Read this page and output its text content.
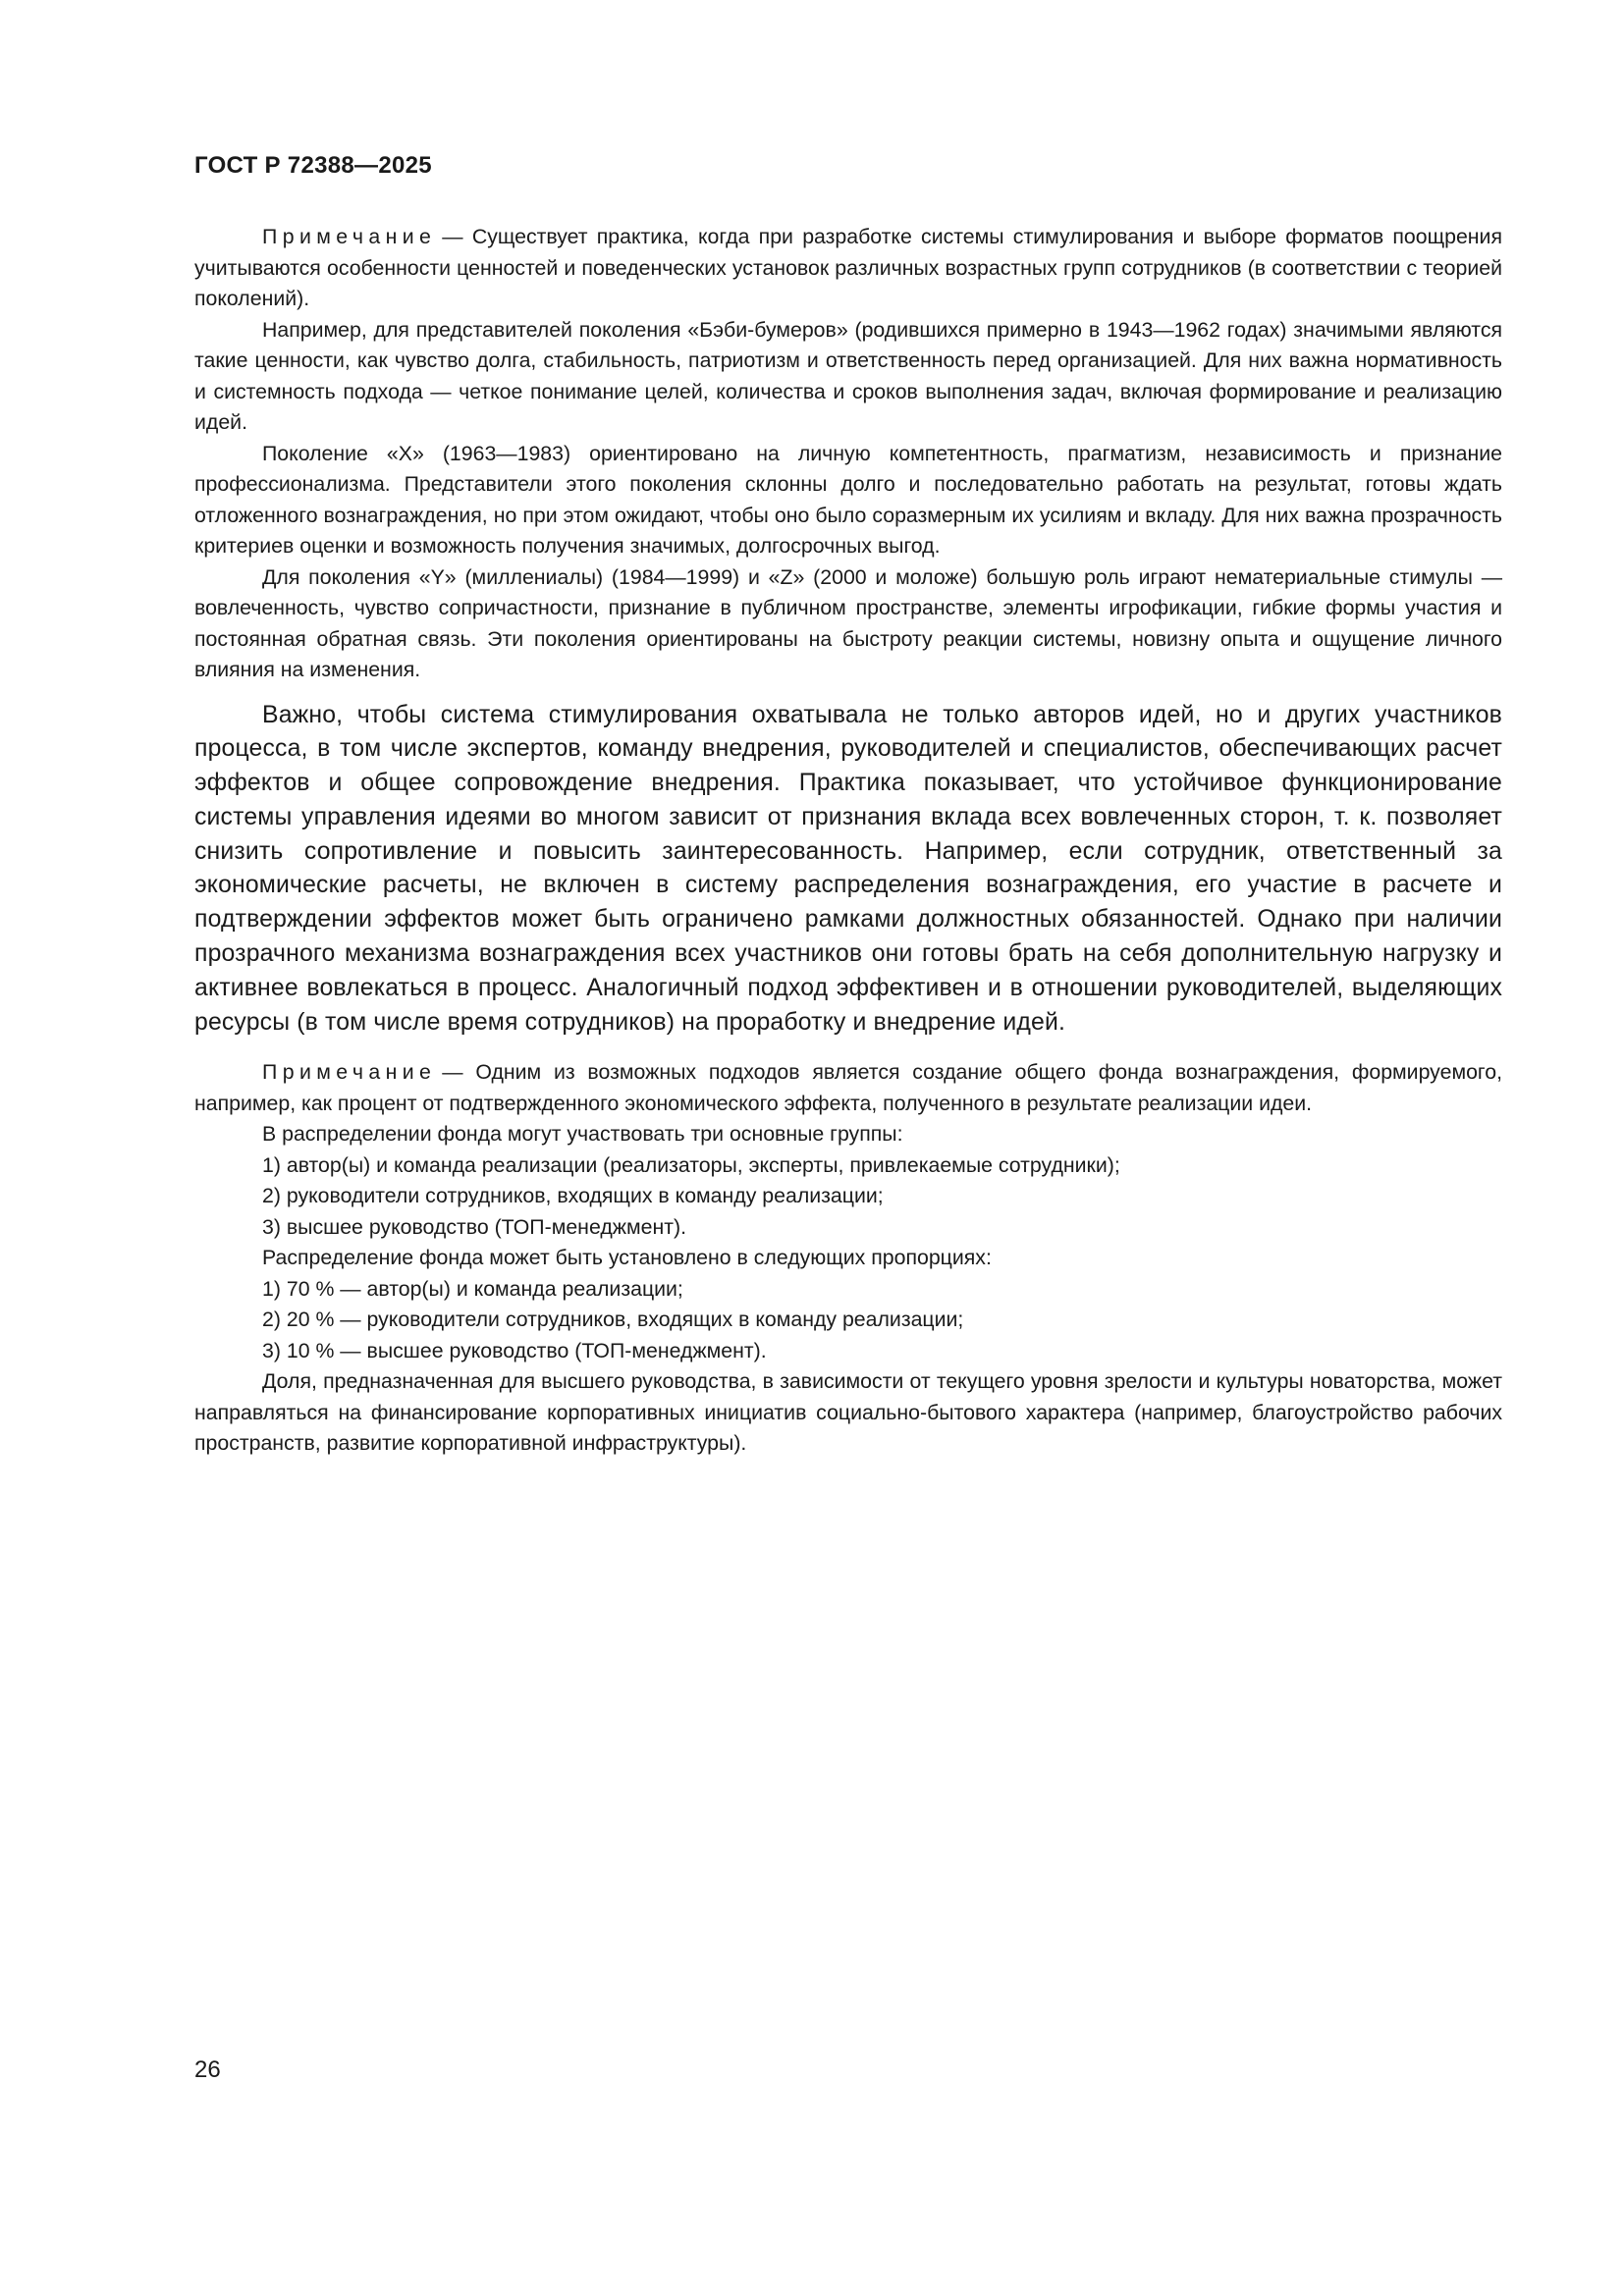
ГОСТ Р 72388—2025

Примечание — Существует практика, когда при разработке системы стимулирования и выборе форматов поощрения учитываются особенности ценностей и поведенческих установок различных возрастных групп сотрудников (в соответствии с теорией поколений).

Например, для представителей поколения «Бэби-бумеров» (родившихся примерно в 1943—1962 годах) значимыми являются такие ценности, как чувство долга, стабильность, патриотизм и ответственность перед организацией. Для них важна нормативность и системность подхода — четкое понимание целей, количества и сроков выполнения задач, включая формирование и реализацию идей.

Поколение «X» (1963—1983) ориентировано на личную компетентность, прагматизм, независимость и признание профессионализма. Представители этого поколения склонны долго и последовательно работать на результат, готовы ждать отложенного вознаграждения, но при этом ожидают, чтобы оно было соразмерным их усилиям и вкладу. Для них важна прозрачность критериев оценки и возможность получения значимых, долгосрочных выгод.

Для поколения «Y» (миллениалы) (1984—1999) и «Z» (2000 и моложе) большую роль играют нематериальные стимулы — вовлеченность, чувство сопричастности, признание в публичном пространстве, элементы игрофикации, гибкие формы участия и постоянная обратная связь. Эти поколения ориентированы на быстроту реакции системы, новизну опыта и ощущение личного влияния на изменения.

Важно, чтобы система стимулирования охватывала не только авторов идей, но и других участников процесса, в том числе экспертов, команду внедрения, руководителей и специалистов, обеспечивающих расчет эффектов и общее сопровождение внедрения. Практика показывает, что устойчивое функционирование системы управления идеями во многом зависит от признания вклада всех вовлеченных сторон, т. к. позволяет снизить сопротивление и повысить заинтересованность. Например, если сотрудник, ответственный за экономические расчеты, не включен в систему распределения вознаграждения, его участие в расчете и подтверждении эффектов может быть ограничено рамками должностных обязанностей. Однако при наличии прозрачного механизма вознаграждения всех участников они готовы брать на себя дополнительную нагрузку и активнее вовлекаться в процесс. Аналогичный подход эффективен и в отношении руководителей, выделяющих ресурсы (в том числе время сотрудников) на проработку и внедрение идей.

Примечание — Одним из возможных подходов является создание общего фонда вознаграждения, формируемого, например, как процент от подтвержденного экономического эффекта, полученного в результате реализации идеи.

В распределении фонда могут участвовать три основные группы:
1) автор(ы) и команда реализации (реализаторы, эксперты, привлекаемые сотрудники);
2) руководители сотрудников, входящих в команду реализации;
3) высшее руководство (ТОП-менеджмент).
Распределение фонда может быть установлено в следующих пропорциях:
1) 70 % — автор(ы) и команда реализации;
2) 20 % — руководители сотрудников, входящих в команду реализации;
3) 10 % — высшее руководство (ТОП-менеджмент).

Доля, предназначенная для высшего руководства, в зависимости от текущего уровня зрелости и культуры новаторства, может направляться на финансирование корпоративных инициатив социально-бытового характера (например, благоустройство рабочих пространств, развитие корпоративной инфраструктуры).

26
